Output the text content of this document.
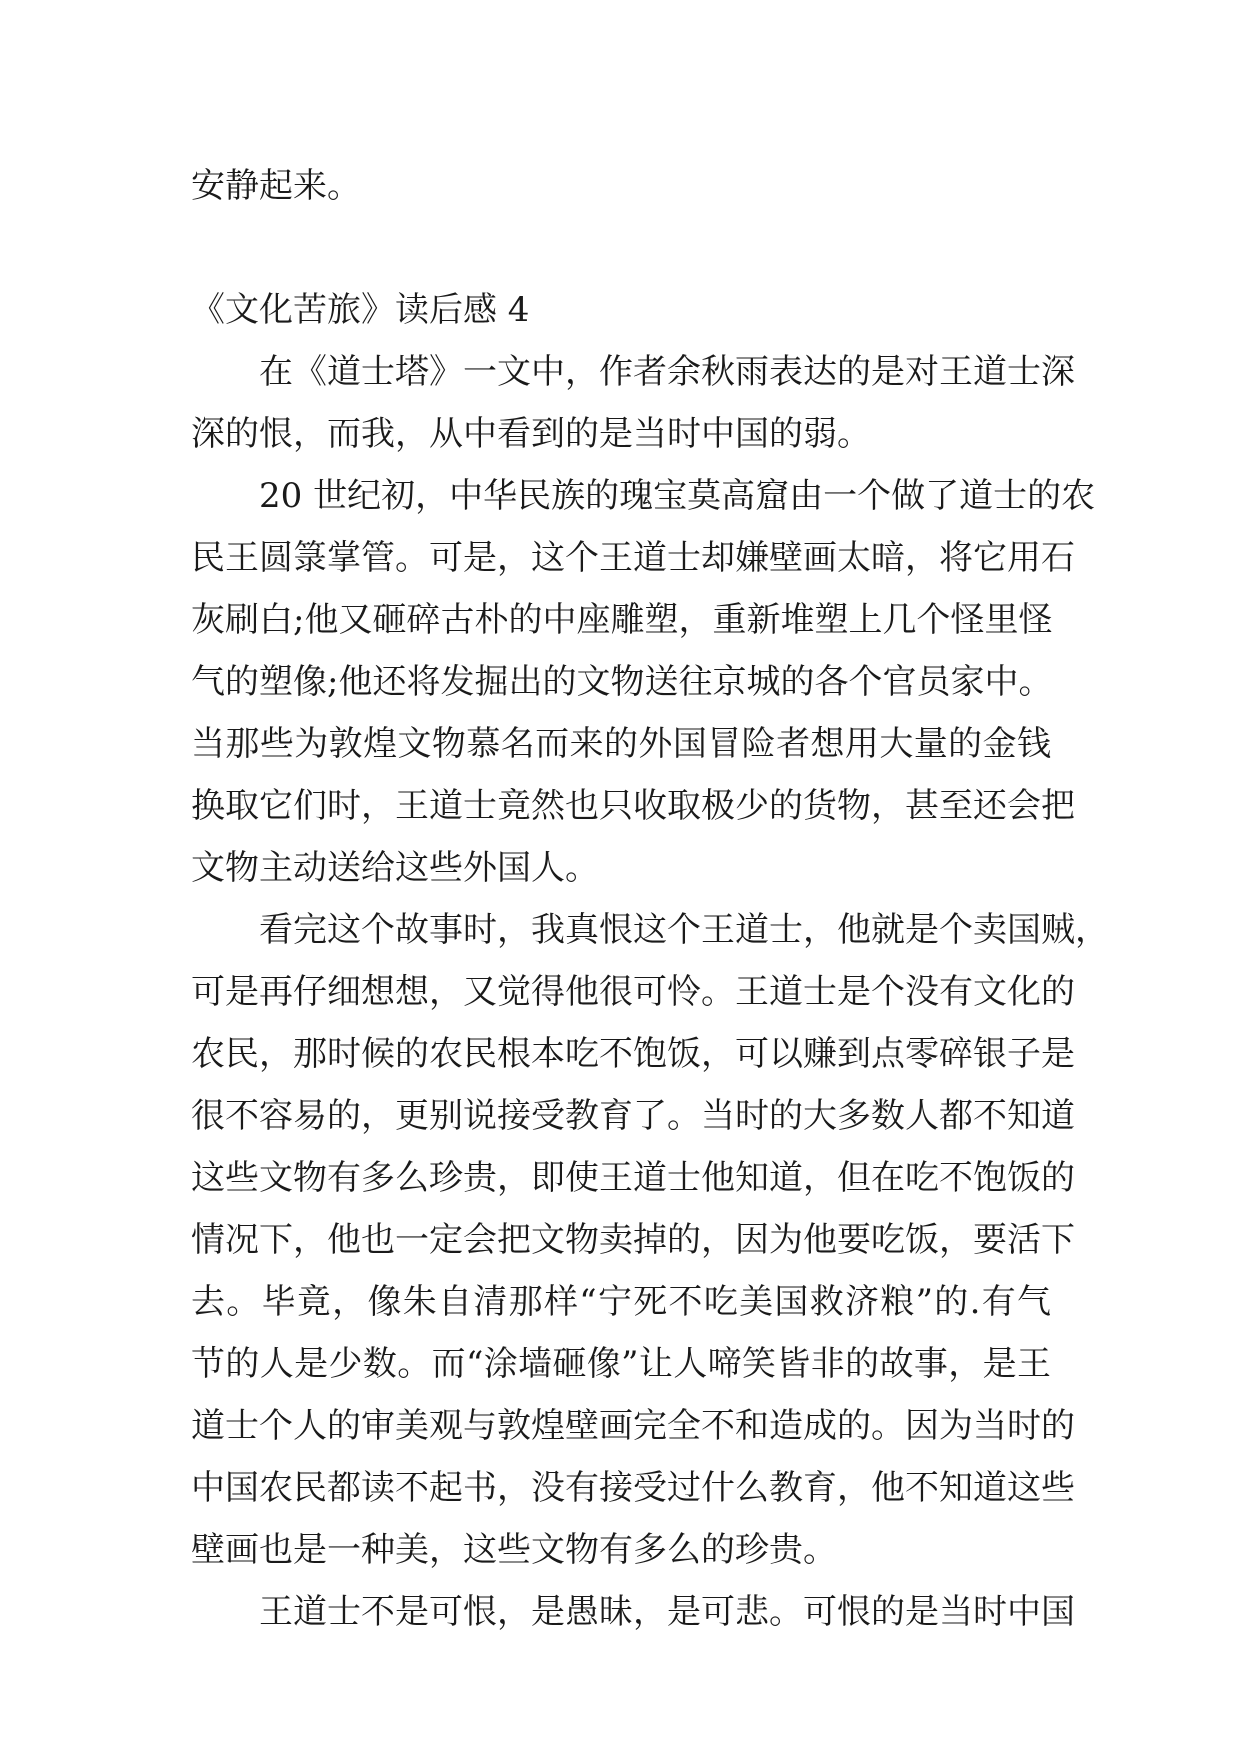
安静起来。
《文化苦旅》读后感 4
在《道士塔》一文中，作者余秋雨表达的是对王道士深
深的恨，而我，从中看到的是当时中国的弱。
20 世纪初，中华民族的瑰宝莫高窟由一个做了道士的农
民王圆箓掌管。可是，这个王道士却嫌壁画太暗，将它用石
灰刷白;他又砸碎古朴的中座雕塑，重新堆塑上几个怪里怪
气的塑像;他还将发掘出的文物送往京城的各个官员家中。
当那些为敦煌文物慕名而来的外国冒险者想用大量的金钱
换取它们时，王道士竟然也只收取极少的货物，甚至还会把
文物主动送给这些外国人。
看完这个故事时，我真恨这个王道士，他就是个卖国贼，
可是再仔细想想，又觉得他很可怜。王道士是个没有文化的
农民，那时候的农民根本吃不饱饭，可以赚到点零碎银子是
很不容易的，更别说接受教育了。当时的大多数人都不知道
这些文物有多么珍贵，即使王道士他知道，但在吃不饱饭的
情况下，他也一定会把文物卖掉的，因为他要吃饭，要活下
去。毕竟，像朱自清那样“宁死不吃美国救济粮”的.有气
节的人是少数。而“涂墙砸像”让人啼笑皆非的故事，是王
道士个人的审美观与敦煌壁画完全不和造成的。因为当时的
中国农民都读不起书，没有接受过什么教育，他不知道这些
壁画也是一种美，这些文物有多么的珍贵。
王道士不是可恨，是愚昧，是可悲。可恨的是当时中国
